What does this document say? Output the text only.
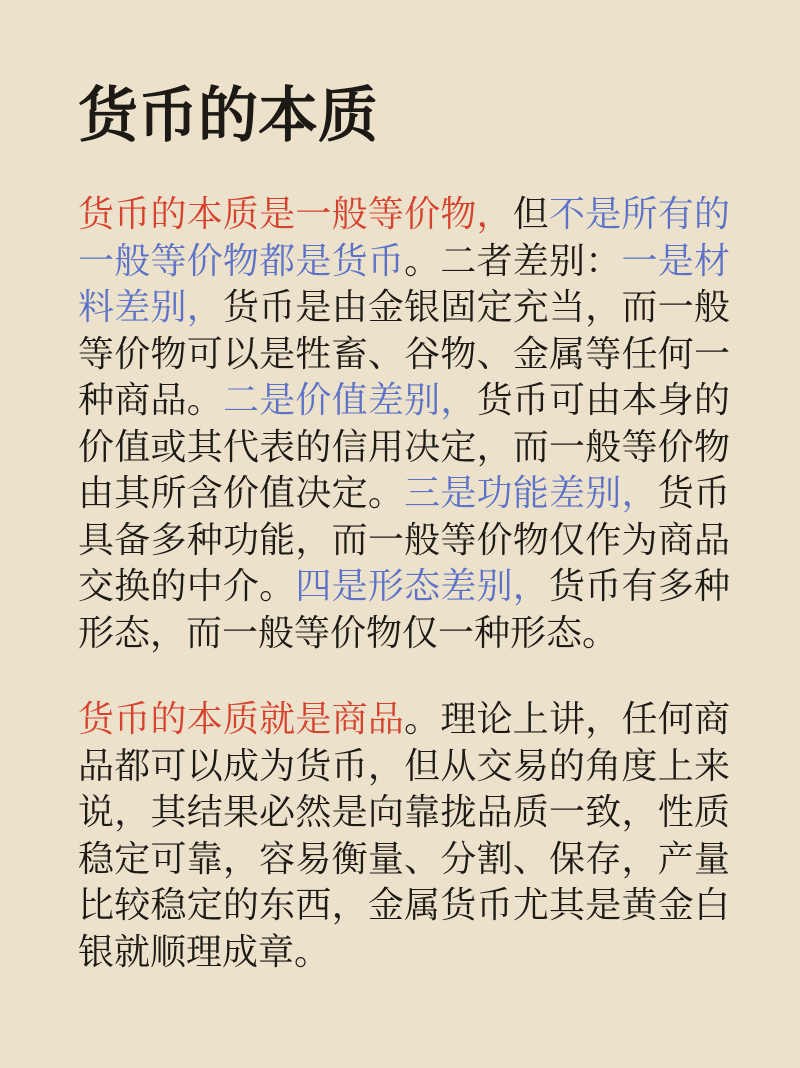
货币的本质

货币的本质是一般等价物，但不是所有的一般等价物都是货币。二者差别：一是材料差别，货币是由金银固定充当，而一般等价物可以是牲畜、谷物、金属等任何一种商品。二是价值差别，货币可由本身的价值或其代表的信用决定，而一般等价物由其所含价值决定。三是功能差别，货币具备多种功能，而一般等价物仅作为商品交换的中介。四是形态差别，货币有多种形态，而一般等价物仅一种形态。

货币的本质就是商品。理论上讲，任何商品都可以成为货币，但从交易的角度上来说，其结果必然是向靠拢品质一致，性质稳定可靠，容易衡量、分割、保存，产量比较稳定的东西，金属货币尤其是黄金白银就顺理成章。
